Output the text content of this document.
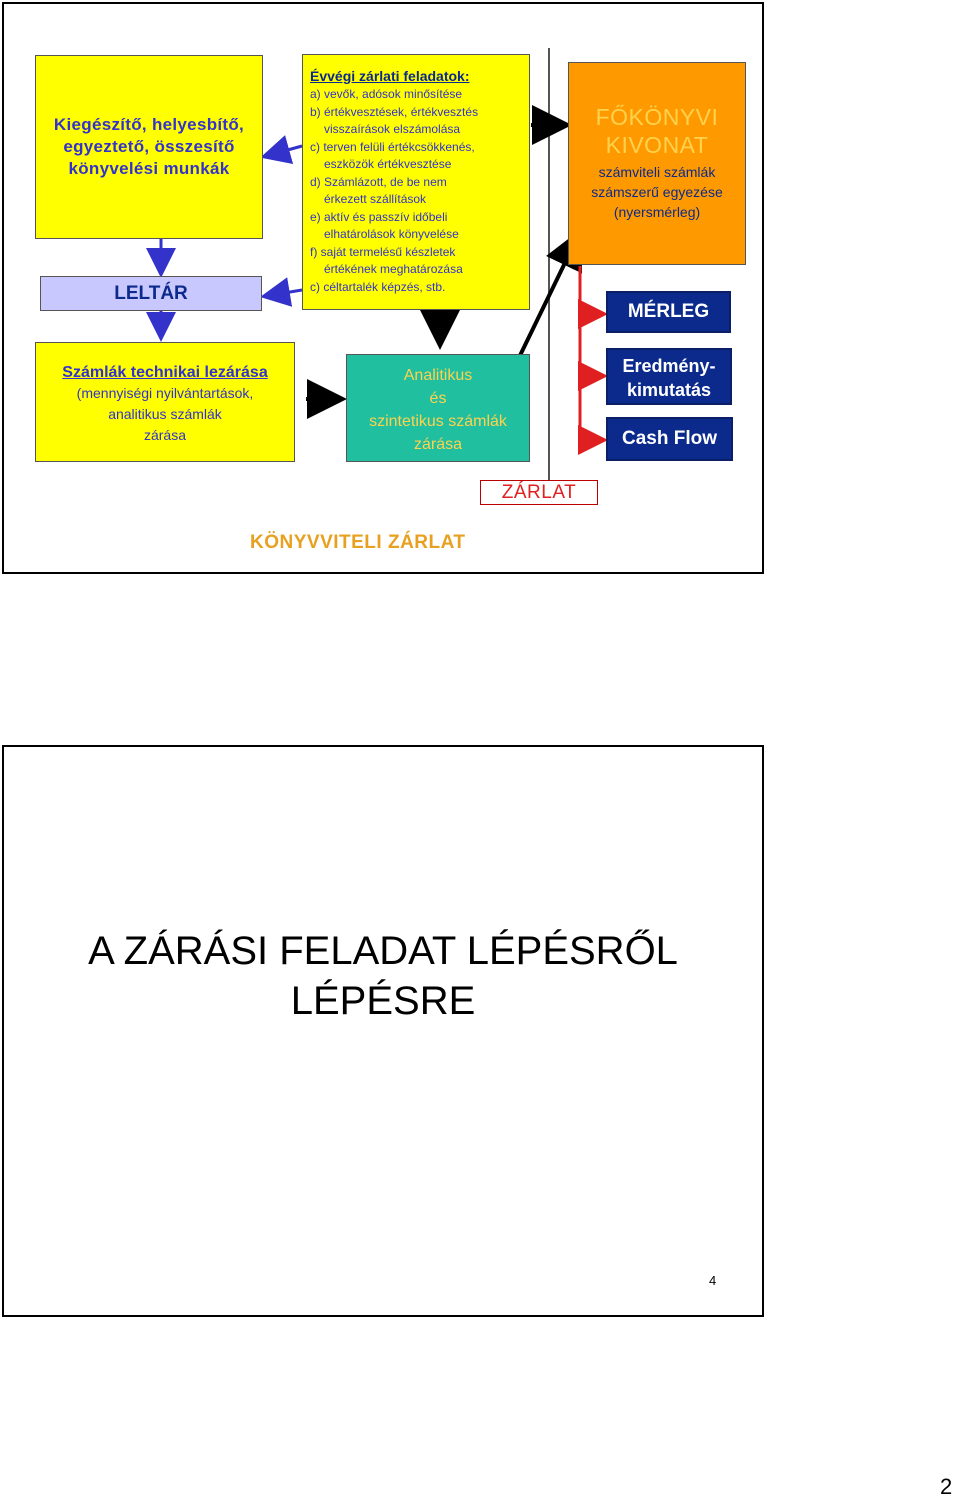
Kiegészítő, helyesbítő, egyeztető, összesítő könyvelési munkák
LELTÁR
Évvégi zárlati feladatok:
a) vevők, adósok minősítése
b) értékvesztések, értékvesztés
visszaírások elszámolása
c) terven felüli értékcsökkenés,
eszközök értékvesztése
d) Számlázott, de be nem
érkezett szállítások
e) aktív és passzív időbeli
elhatárolások könyvelése
f) saját termelésű készletek
értékének meghatározása
c) céltartalék képzés, stb.
FŐKÖNYVI
KIVONAT
számviteli számlák
számszerű egyezése
(nyersmérleg)
Számlák technikai lezárása
(mennyiségi nyilvántartások,
analitikus számlák
zárása
Analitikus
és
szintetikus számlák
zárása
MÉRLEG
Eredmény-
kimutatás
Cash Flow
ZÁRLAT
KÖNYVVITELI ZÁRLAT
A ZÁRÁSI FELADAT LÉPÉSRŐL
LÉPÉSRE
4
2
